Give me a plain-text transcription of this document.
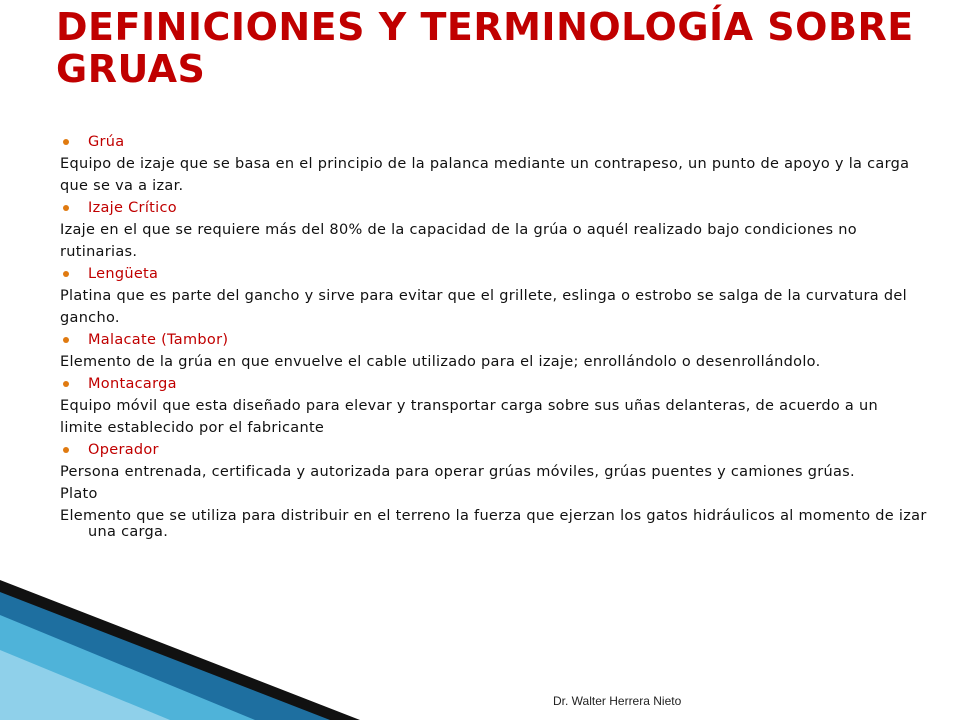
DEFINICIONES Y TERMINOLOGÍA SOBRE GRUAS

Grúa

Equipo de izaje que se basa en el principio de la palanca mediante un contrapeso, un punto de apoyo y la carga

que se va a izar.

Izaje Crítico

Izaje en el que se requiere más del 80% de la capacidad de la grúa o aquél realizado bajo condiciones no

rutinarias.

Lengüeta

Platina que es parte del gancho y sirve para evitar que el grillete, eslinga o estrobo se salga de la curvatura del

gancho.

Malacate (Tambor)

Elemento de la grúa en que envuelve el cable utilizado para el izaje; enrollándolo o desenrollándolo.

Montacarga

Equipo móvil que esta diseñado para elevar y transportar carga sobre sus uñas delanteras, de acuerdo a un

limite establecido por el fabricante

Operador

Persona entrenada, certificada y autorizada para operar grúas móviles, grúas puentes y camiones grúas.

Plato

Elemento que se utiliza para distribuir en el terreno la fuerza que ejerzan los gatos hidráulicos al momento de izar una carga.

Dr. Walter Herrera Nieto
